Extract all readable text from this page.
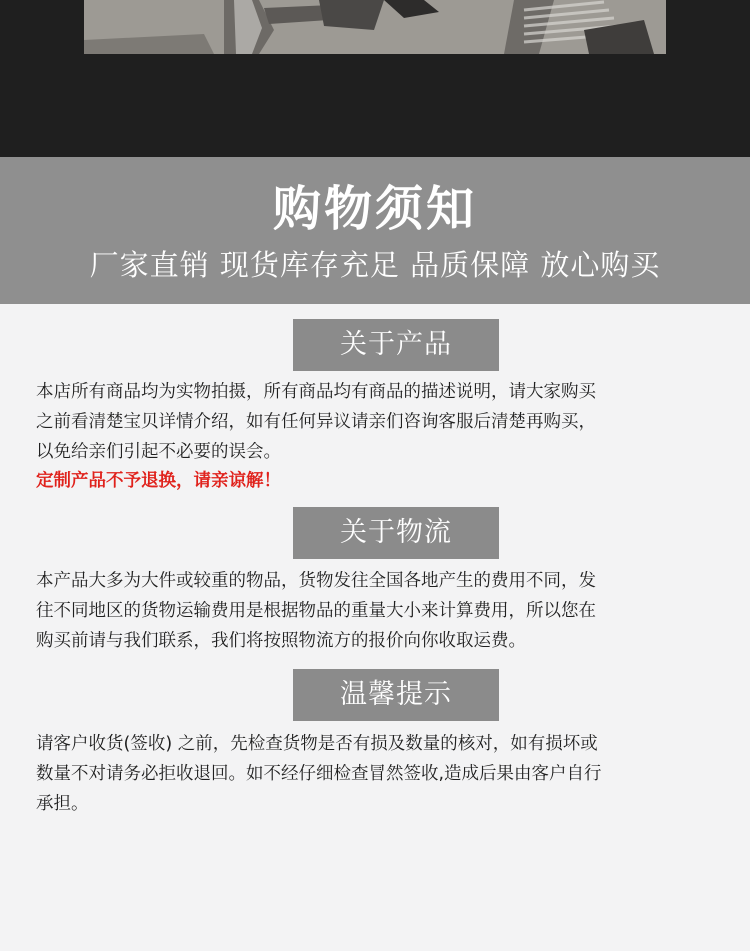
购物须知
厂家直销 现货库存充足 品质保障 放心购买
关于产品
本店所有商品均为实物拍摄，所有商品均有商品的描述说明，请大家购买
之前看清楚宝贝详情介绍，如有任何异议请亲们咨询客服后清楚再购买，
以免给亲们引起不必要的误会。
定制产品不予退换，请亲谅解！
关于物流
本产品大多为大件或较重的物品，货物发往全国各地产生的费用不同，发
往不同地区的货物运输费用是根据物品的重量大小来计算费用，所以您在
购买前请与我们联系，我们将按照物流方的报价向你收取运费。
温馨提示
请客户收货(签收) 之前，先检查货物是否有损及数量的核对，如有损坏或
数量不对请务必拒收退回。如不经仔细检查冒然签收,造成后果由客户自行
承担。
